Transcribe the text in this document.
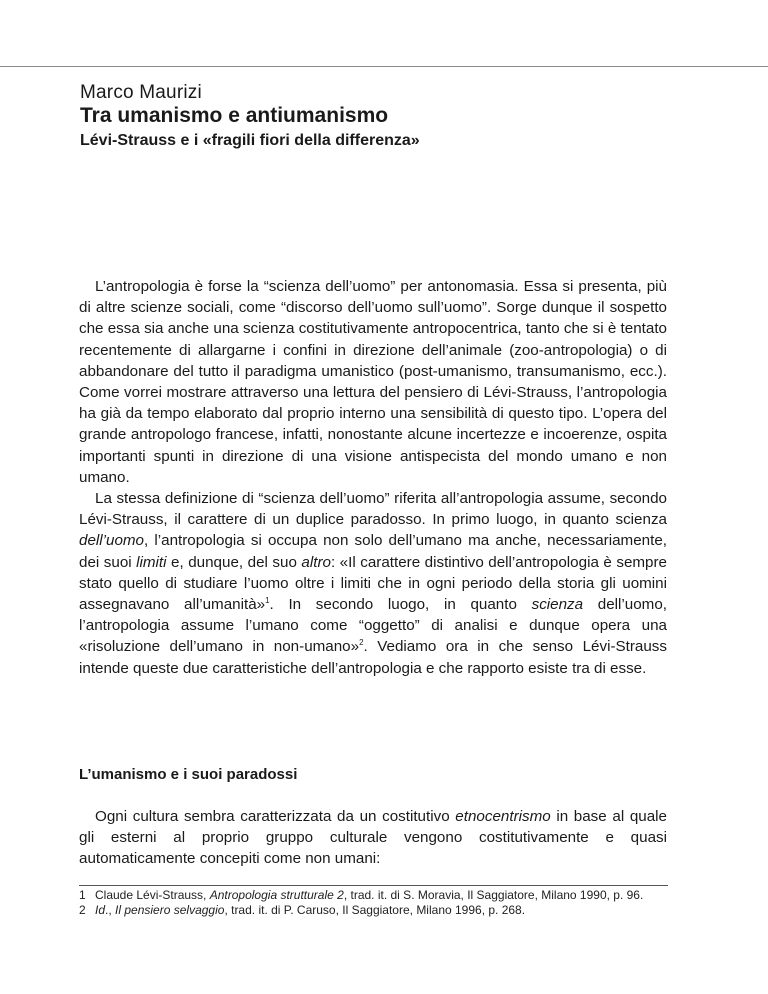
Marco Maurizi
Tra umanismo e antiumanismo
Lévi-Strauss e i «fragili fiori della differenza»

L’antropologia è forse la “scienza dell’uomo” per antonomasia. Essa si presenta, più di altre scienze sociali, come “discorso dell’uomo sull’uomo”. Sorge dunque il sospetto che essa sia anche una scienza costitutivamente antropocentrica, tanto che si è tentato recentemente di allargarne i confini in direzione dell’animale (zoo-antropologia) o di abbandonare del tutto il paradigma umanistico (post-umanismo, transumanismo, ecc.). Come vorrei mostrare attraverso una lettura del pensiero di Lévi-Strauss, l’antropologia ha già da tempo elaborato dal proprio interno una sensibilità di questo tipo. L’opera del grande antropologo francese, infatti, nonostante alcune incertezze e incoerenze, ospita importanti spunti in direzione di una visione antispecista del mondo umano e non umano.

La stessa definizione di “scienza dell’uomo” riferita all’antropologia assume, secondo Lévi-Strauss, il carattere di un duplice paradosso. In primo luogo, in quanto scienza dell’uomo, l’antropologia si occupa non solo dell’umano ma anche, necessariamente, dei suoi limiti e, dunque, del suo altro: «Il carattere distintivo dell’antropologia è sempre stato quello di studiare l’uomo oltre i limiti che in ogni periodo della storia gli uomini assegnavano all’umanità»$^1$. In secondo luogo, in quanto scienza dell’uomo, l’antropologia assume l’umano come “oggetto” di analisi e dunque opera una «risoluzione dell’umano in non-umano»$^2$. Vediamo ora in che senso Lévi-Strauss intende queste due caratteristiche dell’antropologia e che rapporto esiste tra di esse.

L’umanismo e i suoi paradossi

Ogni cultura sembra caratterizzata da un costitutivo etnocentrismo in base al quale gli esterni al proprio gruppo culturale vengono costitutivamente e quasi automaticamente concepiti come non umani:

1 Claude Lévi-Strauss, Antropologia strutturale 2, trad. it. di S. Moravia, Il Saggiatore, Milano 1990, p. 96.

2 Id., Il pensiero selvaggio, trad. it. di P. Caruso, Il Saggiatore, Milano 1996, p. 268.
